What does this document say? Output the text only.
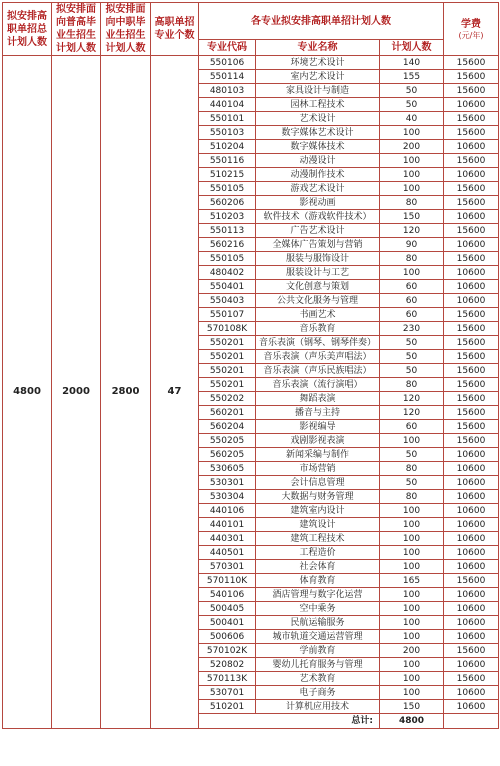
拟安排高职单招总计划人数	拟安排面向普高毕业生招生计划人数	拟安排面向中职毕业生招生计划人数	高职单招专业个数	各专业拟安排高职单招计划人数			学费
(元/年)

				专业代码	专业名称	计划人数	
4800	2000	2800	47	550106	环境艺术设计	140	15600
				550114	室内艺术设计	155	15600
				480103	家具设计与制造	50	15600
				440104	园林工程技术	50	10600
				550101	艺术设计	40	15600
				550103	数字媒体艺术设计	100	15600
				510204	数字媒体技术	200	10600
				550116	动漫设计	100	15600
				510215	动漫制作技术	100	10600
				550105	游戏艺术设计	100	15600
				560206	影视动画	80	15600
				510203	软件技术（游戏软件技术）	150	10600
				550113	广告艺术设计	120	15600
				560216	全媒体广告策划与营销	90	10600
				550105	服装与服饰设计	80	15600
				480402	服装设计与工艺	100	10600
				550401	文化创意与策划	60	10600
				550403	公共文化服务与管理	60	10600
				550107	书画艺术	60	15600
				570108K	音乐教育	230	15600
				550201	音乐表演（钢琴、钢琴伴奏）	50	15600
				550201	音乐表演（声乐美声唱法）	50	15600
				550201	音乐表演（声乐民族唱法）	50	15600
				550201	音乐表演（流行演唱）	80	15600
				550202	舞蹈表演	120	15600
				560201	播音与主持	120	15600
				560204	影视编导	60	15600
				550205	戏剧影视表演	100	15600
				560205	新闻采编与制作	50	10600
				530605	市场营销	80	10600
				530301	会计信息管理	50	10600
				530304	大数据与财务管理	80	10600
				440106	建筑室内设计	100	10600
				440101	建筑设计	100	10600
				440301	建筑工程技术	100	10600
				440501	工程造价	100	10600
				570301	社会体育	100	10600
				570110K	体育教育	165	15600
				540106	酒店管理与数字化运营	100	10600
				500405	空中乘务	100	10600
				500401	民航运输服务	100	10600
				500606	城市轨道交通运营管理	100	10600
				570102K	学前教育	200	15600
				520802	婴幼儿托育服务与管理	100	10600
				570113K	艺术教育	100	15600
				530701	电子商务	100	10600
				510201	计算机应用技术	150	10600
				总计:		4800	
